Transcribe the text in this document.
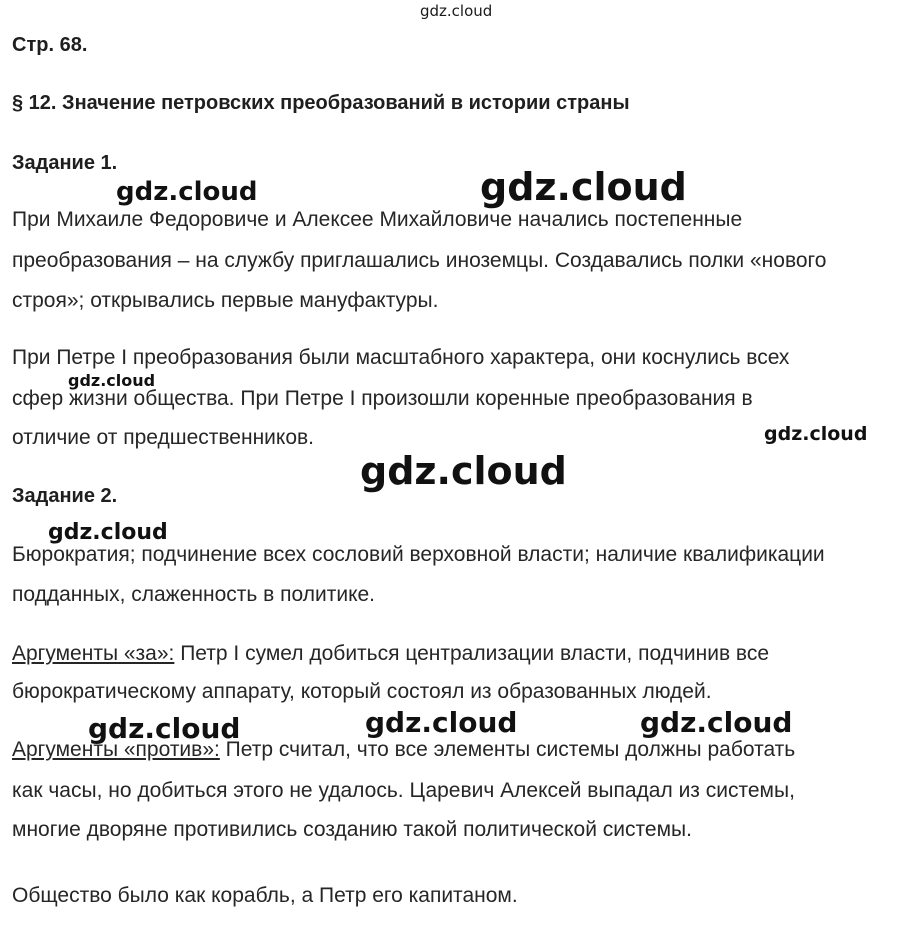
gdz.cloud
Стр. 68.
§ 12. Значение петровских преобразований в истории страны
Задание 1.
При Михаиле Федоровиче и Алексее Михайловиче начались постепенные
преобразования – на службу приглашались иноземцы. Создавались полки «нового
строя»; открывались первые мануфактуры.
При Петре I преобразования были масштабного характера, они коснулись всех
сфер жизни общества. При Петре I произошли коренные преобразования в
отличие от предшественников.
Задание 2.
Бюрократия; подчинение всех сословий верховной власти; наличие квалификации
подданных, слаженность в политике.
Аргументы «за»: Петр I сумел добиться централизации власти, подчинив все
бюрократическому аппарату, который состоял из образованных людей.
Аргументы «против»: Петр считал, что все элементы системы должны работать
как часы, но добиться этого не удалось. Царевич Алексей выпадал из системы,
многие дворяне противились созданию такой политической системы.
Общество было как корабль, а Петр его капитаном.
gdz.cloud	gdz.cloud
gdz.cloud
gdz.cloud
gdz.cloud
gdz.cloud
gdz.cloud	gdz.cloud	gdz.cloud
